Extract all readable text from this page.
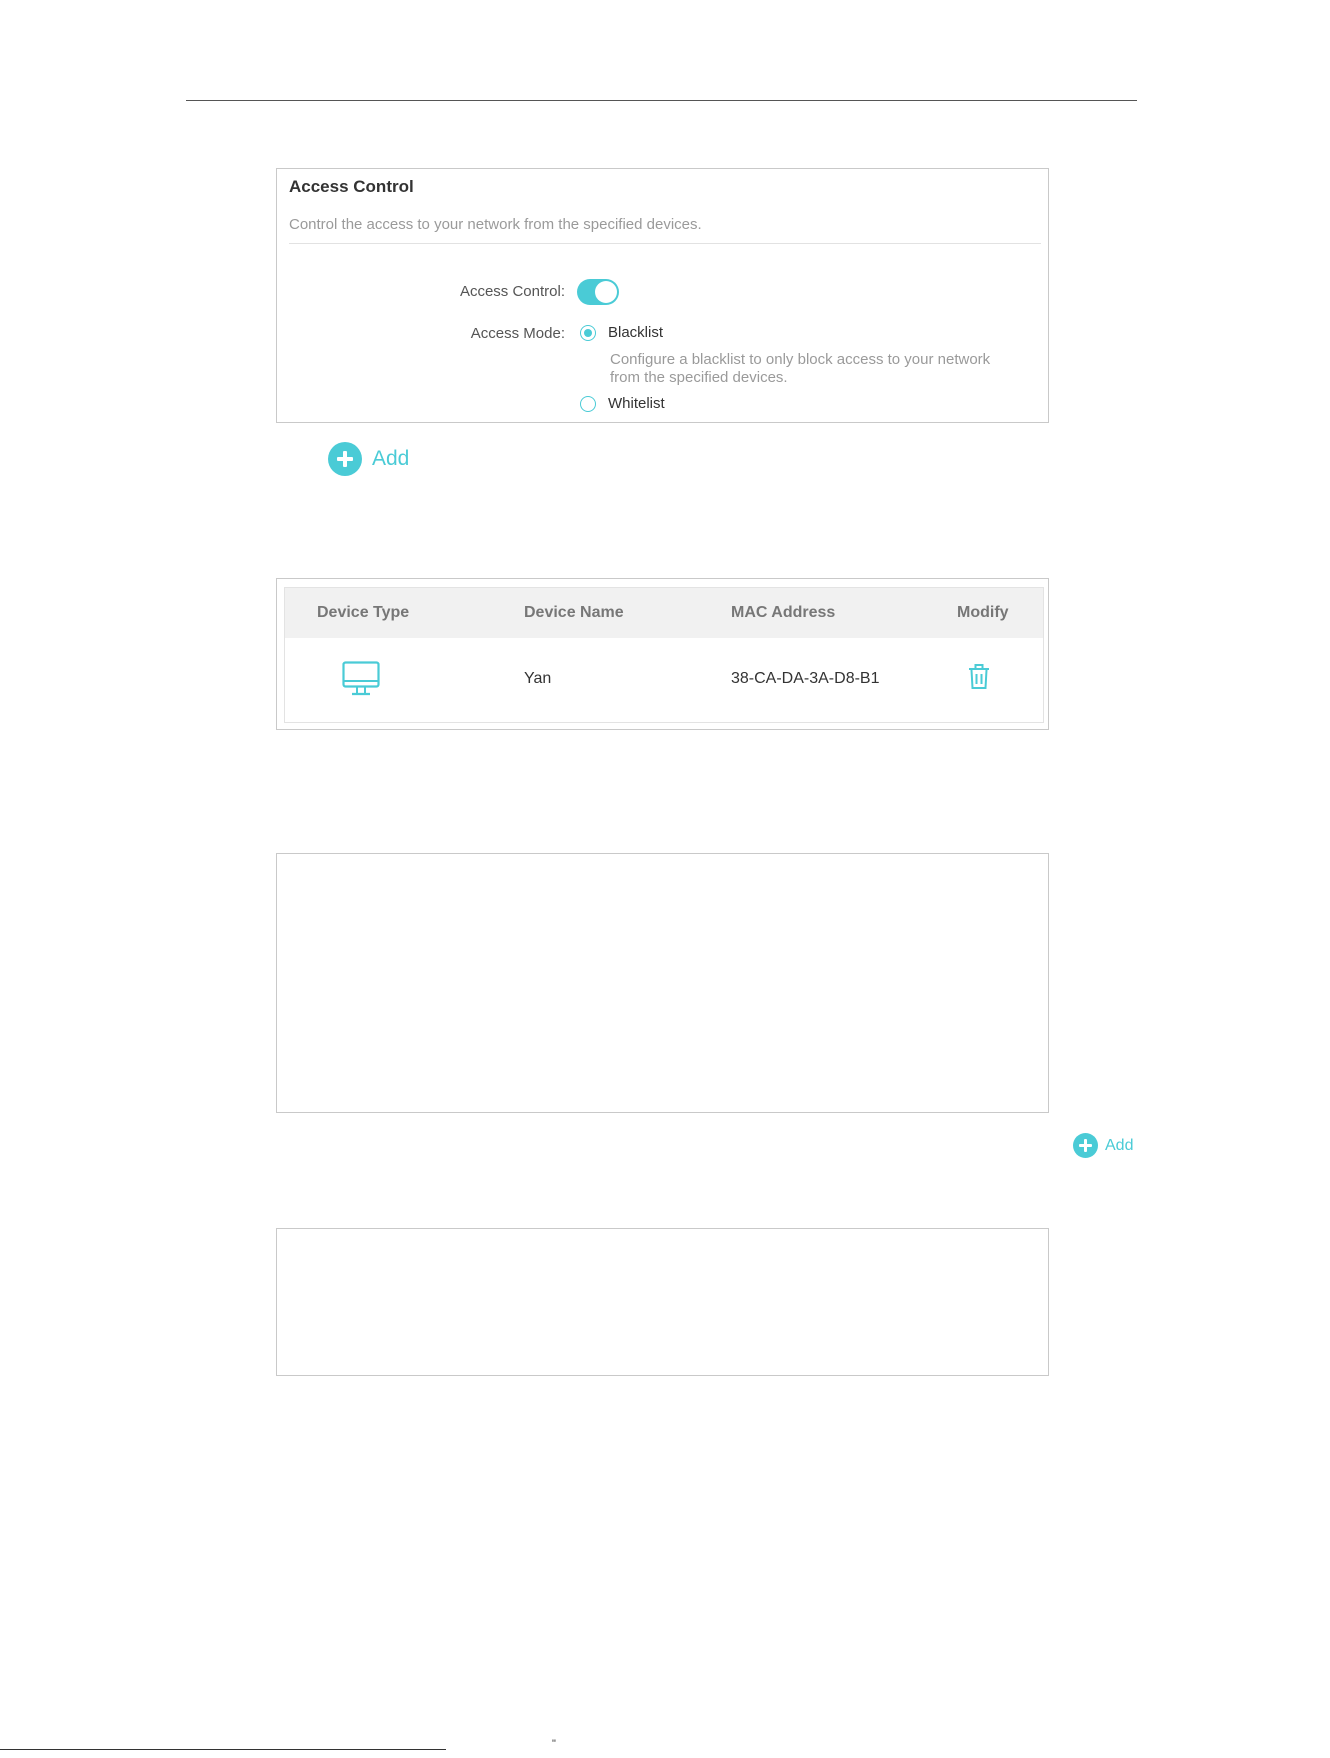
Access Control
Control the access to your network from the specified devices.
Access Control:
Access Mode:	Blacklist
Configure a blacklist to only block access to your network from the specified devices.
Whitelist
Add
Device Type	Device Name	MAC Address	Modify
Yan	38-CA-DA-3A-D8-B1
Add
"
